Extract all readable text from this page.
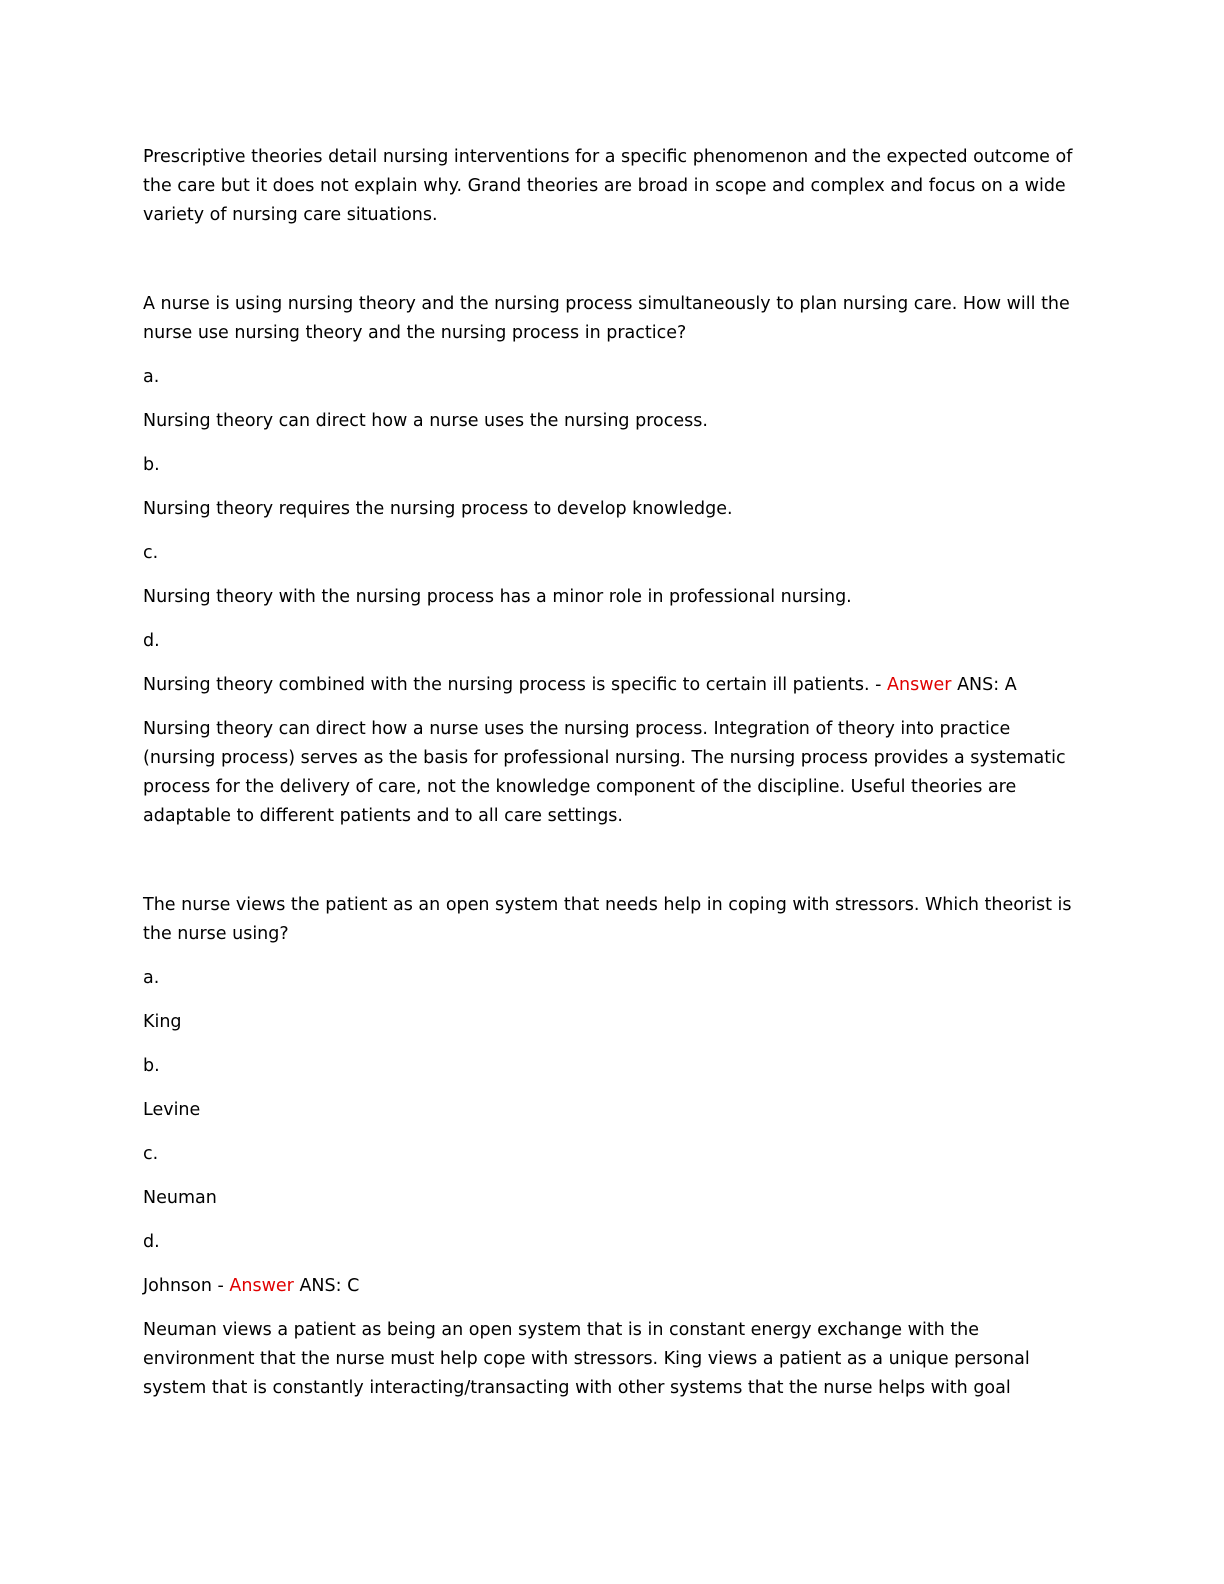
Prescriptive theories detail nursing interventions for a specific phenomenon and the expected outcome of the care but it does not explain why. Grand theories are broad in scope and complex and focus on a wide variety of nursing care situations.

A nurse is using nursing theory and the nursing process simultaneously to plan nursing care. How will the nurse use nursing theory and the nursing process in practice?

a.

Nursing theory can direct how a nurse uses the nursing process.

b.

Nursing theory requires the nursing process to develop knowledge.

c.

Nursing theory with the nursing process has a minor role in professional nursing.

d.

Nursing theory combined with the nursing process is specific to certain ill patients. - Answer ANS: A

Nursing theory can direct how a nurse uses the nursing process. Integration of theory into practice (nursing process) serves as the basis for professional nursing. The nursing process provides a systematic process for the delivery of care, not the knowledge component of the discipline. Useful theories are adaptable to different patients and to all care settings.

The nurse views the patient as an open system that needs help in coping with stressors. Which theorist is the nurse using?

a.

King

b.

Levine

c.

Neuman

d.

Johnson - Answer ANS: C

Neuman views a patient as being an open system that is in constant energy exchange with the environment that the nurse must help cope with stressors. King views a patient as a unique personal system that is constantly interacting/transacting with other systems that the nurse helps with goal
